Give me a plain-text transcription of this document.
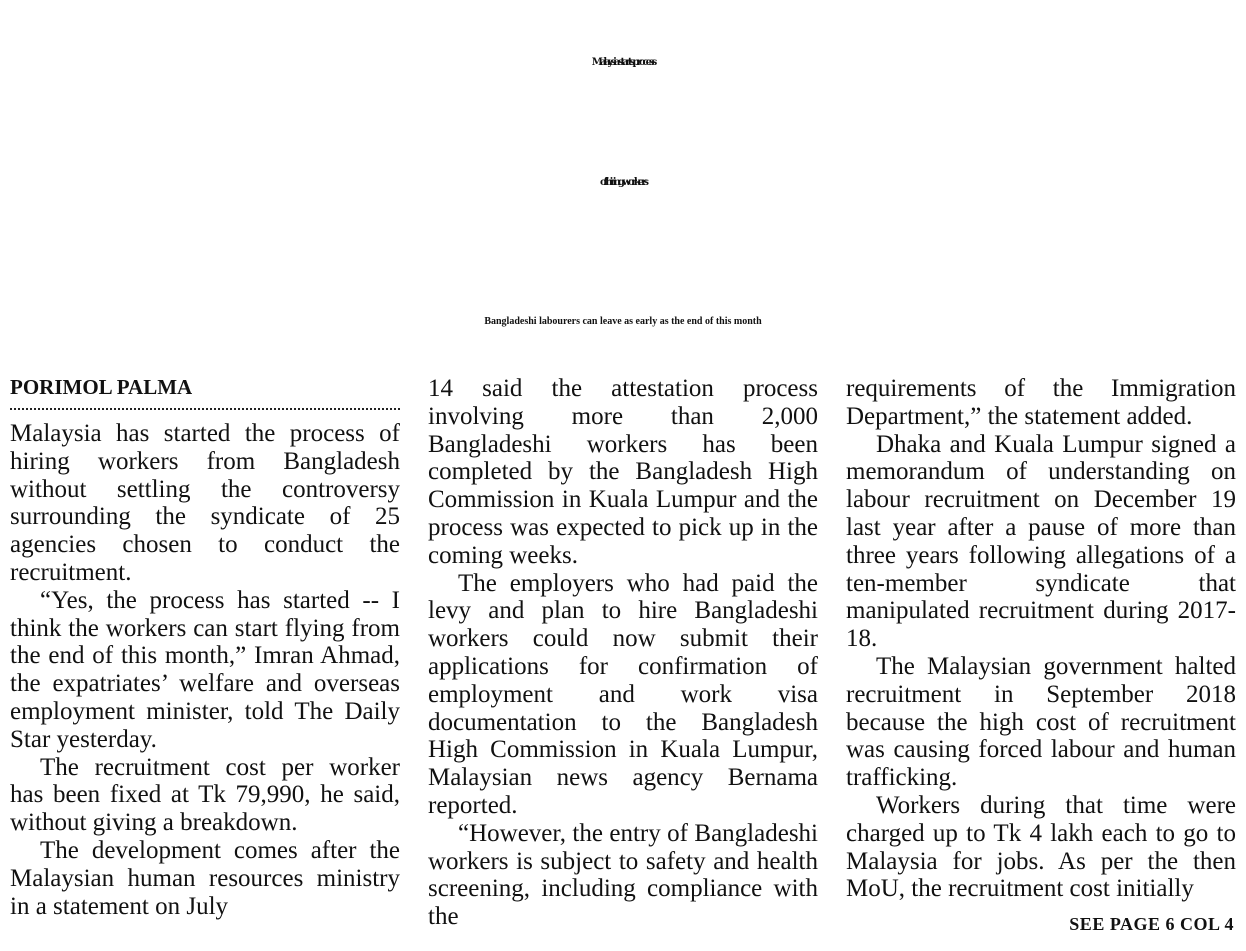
Malaysia starts process
of hiring workers
Bangladeshi labourers can leave as early as the end of this month
PORIMOL PALMA

Malaysia has started the process of hiring workers from Bangladesh without settling the controversy surrounding the syndicate of 25 agencies chosen to conduct the recruitment.

“Yes, the process has started -- I think the workers can start flying from the end of this month,” Imran Ahmad, the expatriates’ welfare and overseas employment minister, told The Daily Star yesterday.

The recruitment cost per worker has been fixed at Tk 79,990, he said, without giving a breakdown.

The development comes after the Malaysian human resources ministry in a statement on July

14 said the attestation process involving more than 2,000 Bangladeshi workers has been completed by the Bangladesh High Commission in Kuala Lumpur and the process was expected to pick up in the coming weeks.

The employers who had paid the levy and plan to hire Bangladeshi workers could now submit their applications for confirmation of employment and work visa documentation to the Bangladesh High Commission in Kuala Lumpur, Malaysian news agency Bernama reported.

“However, the entry of Bangladeshi workers is subject to safety and health screening, including compliance with the

requirements of the Immigration Department,” the statement added.

Dhaka and Kuala Lumpur signed a memorandum of understanding on labour recruitment on December 19 last year after a pause of more than three years following allegations of a ten-member syndicate that manipulated recruitment during 2017-18.

The Malaysian government halted recruitment in September 2018 because the high cost of recruitment was causing forced labour and human trafficking.

Workers during that time were charged up to Tk 4 lakh each to go to Malaysia for jobs. As per the then MoU, the recruitment cost initially

SEE PAGE 6 COL 4
